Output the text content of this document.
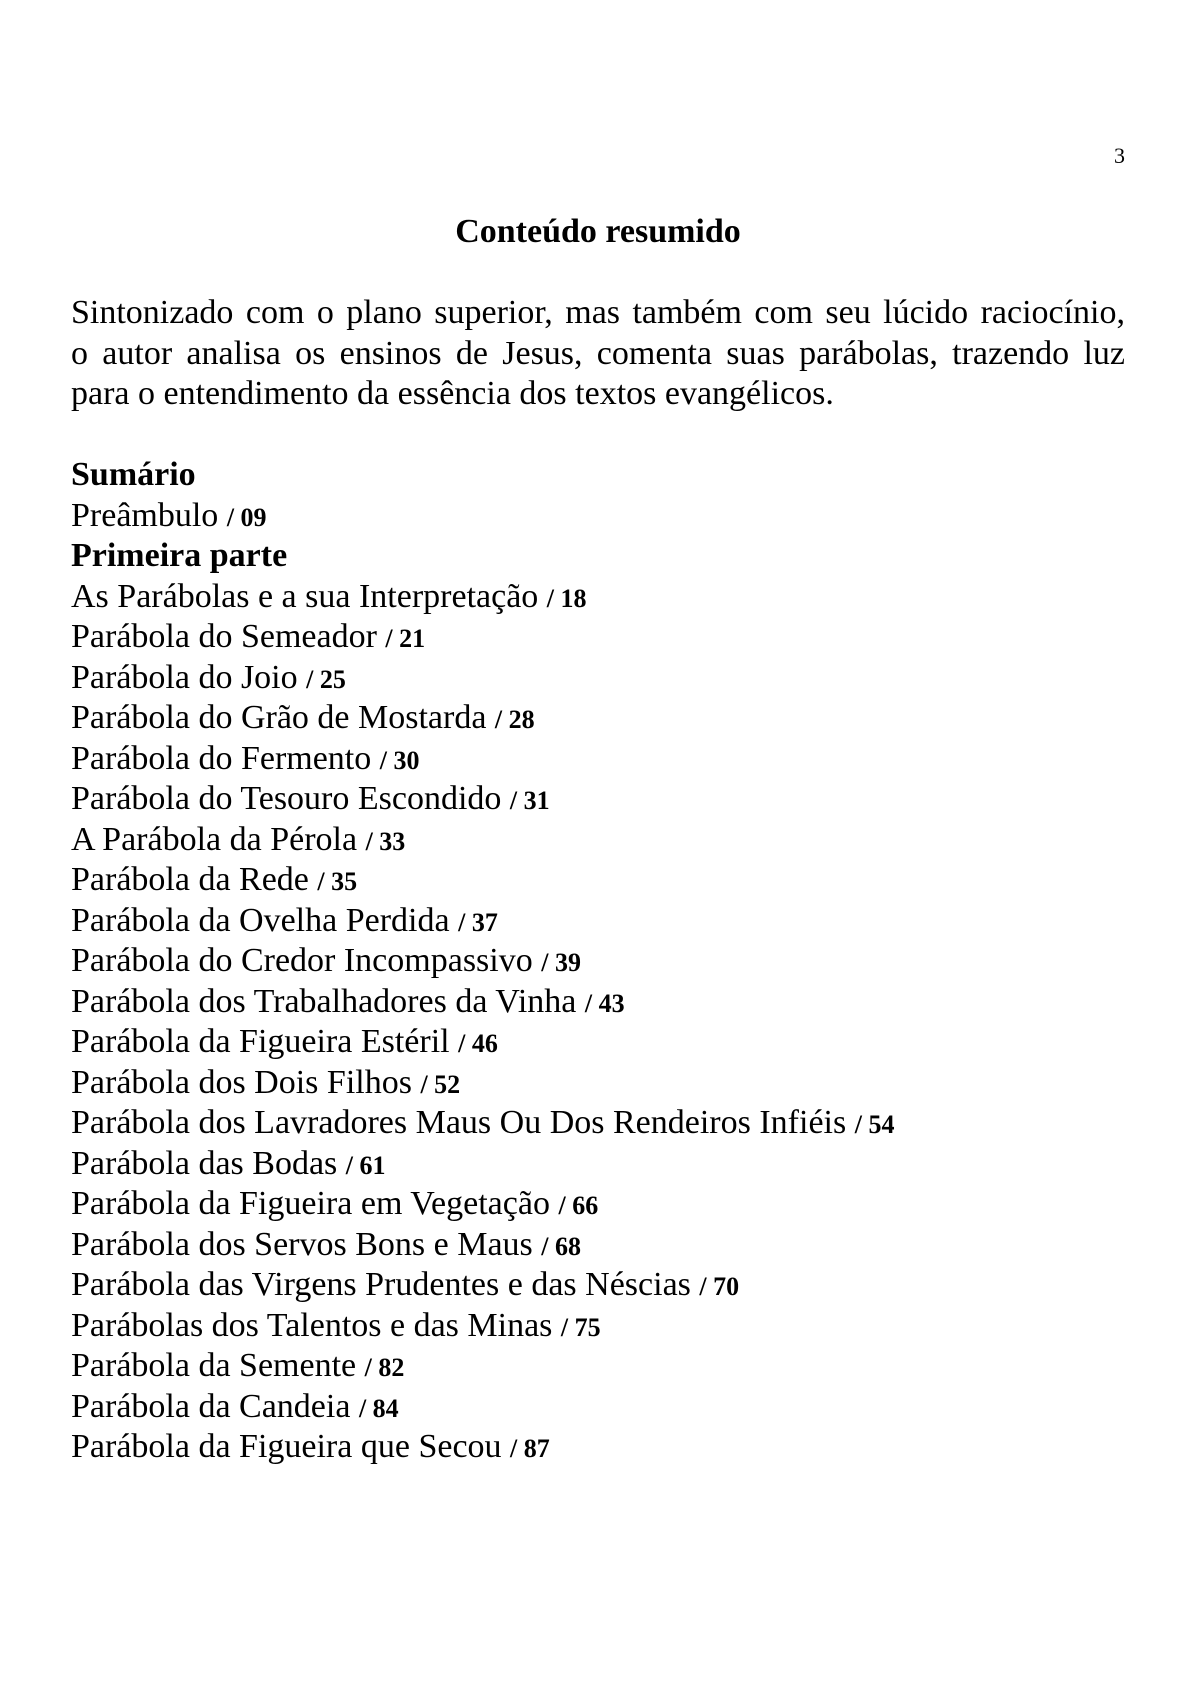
3
Conteúdo resumido
Sintonizado com o plano superior, mas também com seu lúcido raciocínio,
o autor analisa os ensinos de Jesus, comenta suas parábolas, trazendo luz
para o entendimento da essência dos textos evangélicos.
Sumário
Preâmbulo / 09
Primeira parte
As Parábolas e a sua Interpretação / 18
Parábola do Semeador / 21
Parábola do Joio / 25
Parábola do Grão de Mostarda / 28
Parábola do Fermento / 30
Parábola do Tesouro Escondido / 31
A Parábola da Pérola / 33
Parábola da Rede / 35
Parábola da Ovelha Perdida / 37
Parábola do Credor Incompassivo / 39
Parábola dos Trabalhadores da Vinha / 43
Parábola da Figueira Estéril / 46
Parábola dos Dois Filhos / 52
Parábola dos Lavradores Maus Ou Dos Rendeiros Infiéis / 54
Parábola das Bodas / 61
Parábola da Figueira em Vegetação / 66
Parábola dos Servos Bons e Maus / 68
Parábola das Virgens Prudentes e das Néscias / 70
Parábolas dos Talentos e das Minas / 75
Parábola da Semente / 82
Parábola da Candeia / 84
Parábola da Figueira que Secou / 87
